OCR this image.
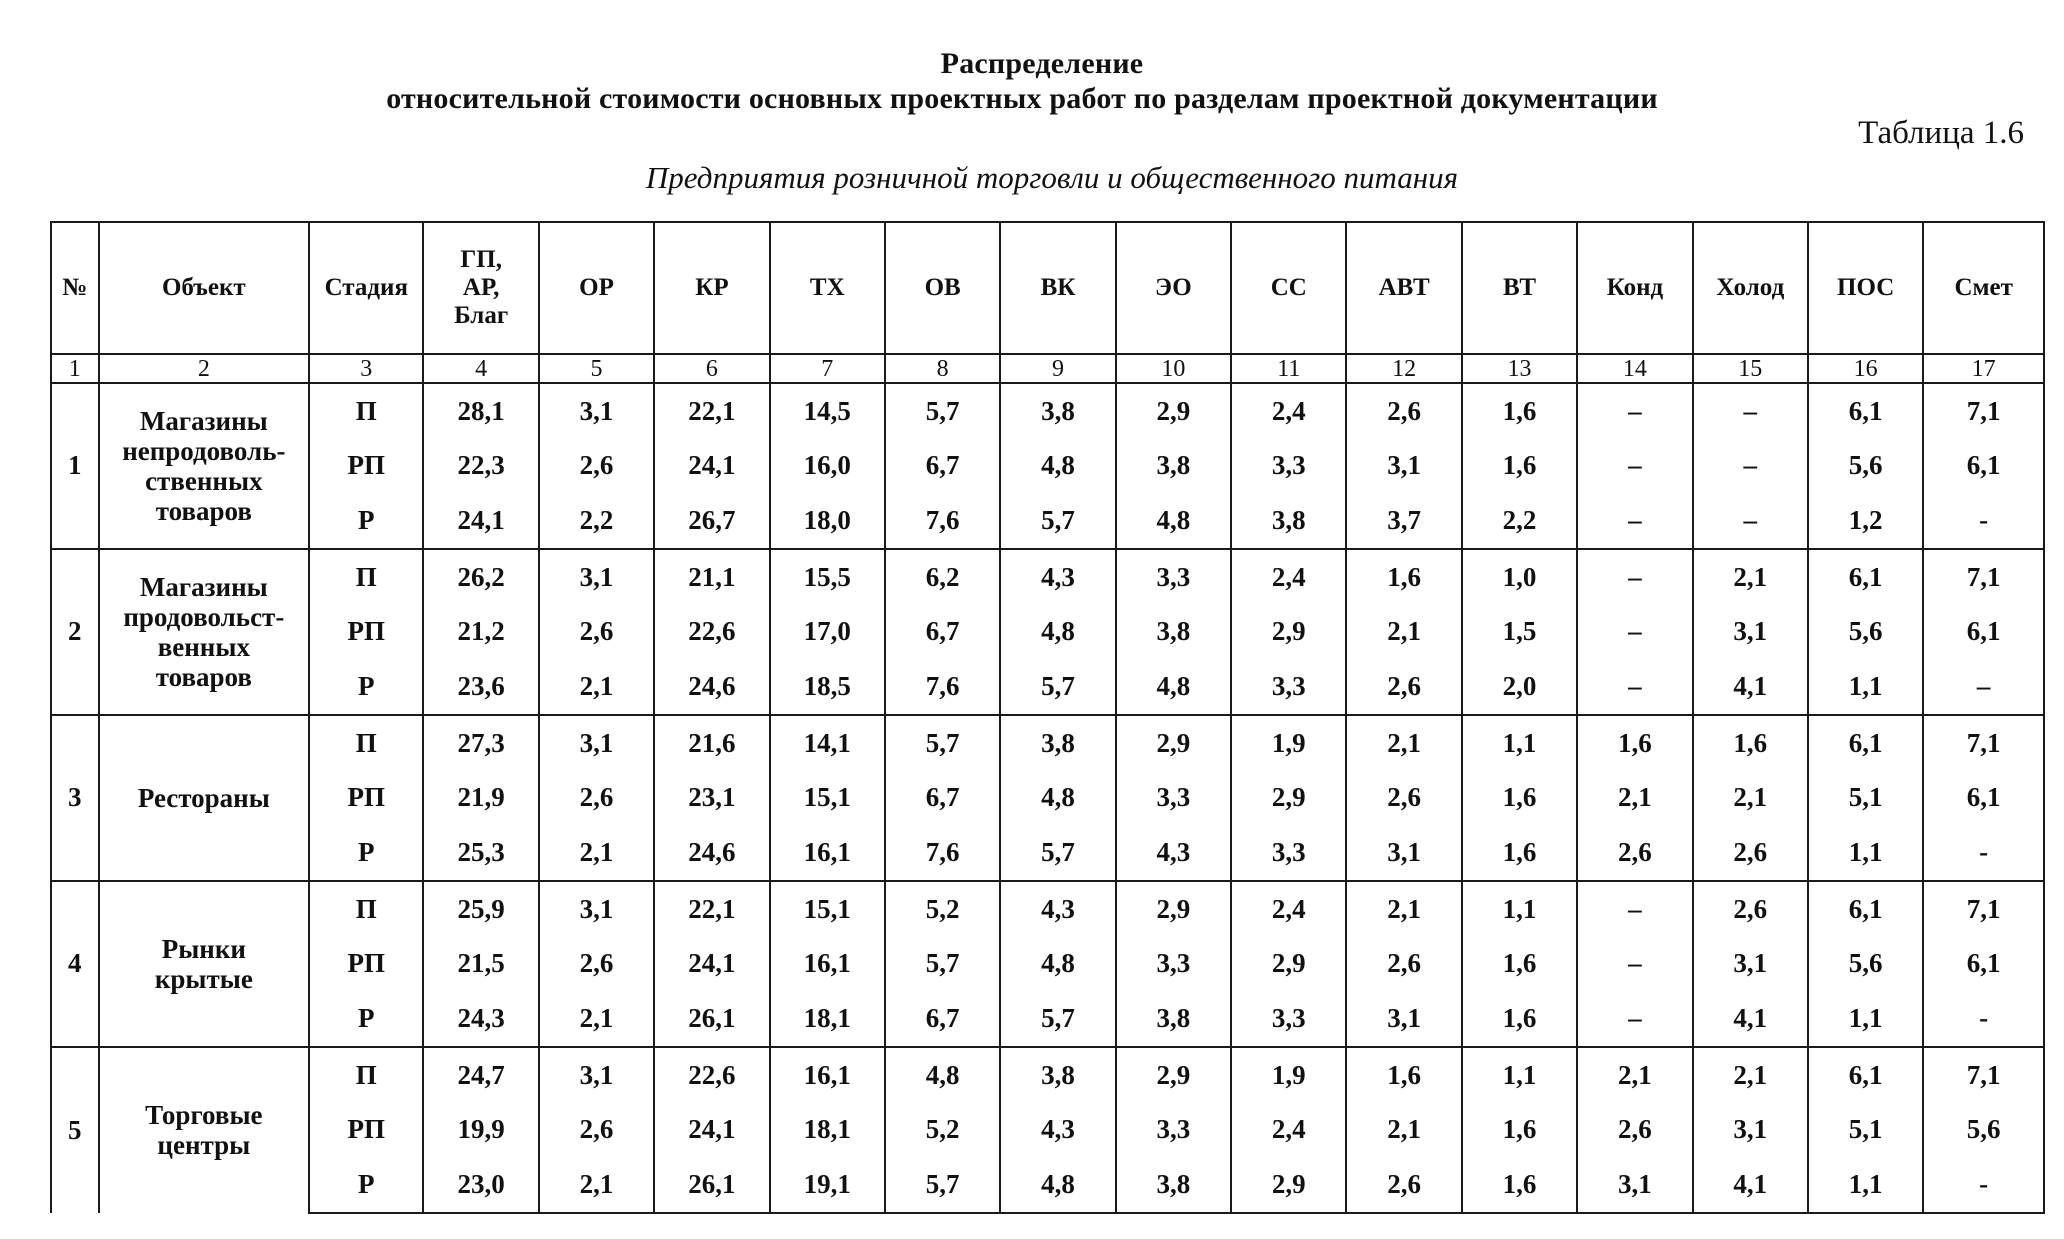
Распределение
относительной стоимости основных проектных работ по разделам проектной документации
Таблица 1.6
Предприятия розничной торговли и общественного питания
№	Объект	Стадия	ГП,
АР,
Благ	ОР	КР	ТХ	ОВ	ВК	ЭО	СС	АВТ	ВТ	Конд	Холод	ПОС	Смет
1	2	3	4	5	6	7	8	9	10	11	12	13	14	15	16	17
1	Магазины
непродоволь-
ственных
товаров	П	28,1	3,1	22,1	14,5	5,7	3,8	2,9	2,4	2,6	1,6	–	–	6,1	7,1
		РП	22,3	2,6	24,1	16,0	6,7	4,8	3,8	3,3	3,1	1,6	–	–	5,6	6,1
		Р	24,1	2,2	26,7	18,0	7,6	5,7	4,8	3,8	3,7	2,2	–	–	1,2	-
2	Магазины
продовольст-
венных
товаров	П	26,2	3,1	21,1	15,5	6,2	4,3	3,3	2,4	1,6	1,0	–	2,1	6,1	7,1
		РП	21,2	2,6	22,6	17,0	6,7	4,8	3,8	2,9	2,1	1,5	–	3,1	5,6	6,1
		Р	23,6	2,1	24,6	18,5	7,6	5,7	4,8	3,3	2,6	2,0	–	4,1	1,1	–
3	Рестораны	П	27,3	3,1	21,6	14,1	5,7	3,8	2,9	1,9	2,1	1,1	1,6	1,6	6,1	7,1
		РП	21,9	2,6	23,1	15,1	6,7	4,8	3,3	2,9	2,6	1,6	2,1	2,1	5,1	6,1
		Р	25,3	2,1	24,6	16,1	7,6	5,7	4,3	3,3	3,1	1,6	2,6	2,6	1,1	-
4	Рынки
крытые	П	25,9	3,1	22,1	15,1	5,2	4,3	2,9	2,4	2,1	1,1	–	2,6	6,1	7,1
		РП	21,5	2,6	24,1	16,1	5,7	4,8	3,3	2,9	2,6	1,6	–	3,1	5,6	6,1
		Р	24,3	2,1	26,1	18,1	6,7	5,7	3,8	3,3	3,1	1,6	–	4,1	1,1	-
5	Торговые
центры	П	24,7	3,1	22,6	16,1	4,8	3,8	2,9	1,9	1,6	1,1	2,1	2,1	6,1	7,1
		РП	19,9	2,6	24,1	18,1	5,2	4,3	3,3	2,4	2,1	1,6	2,6	3,1	5,1	5,6
		Р	23,0	2,1	26,1	19,1	5,7	4,8	3,8	2,9	2,6	1,6	3,1	4,1	1,1	-
